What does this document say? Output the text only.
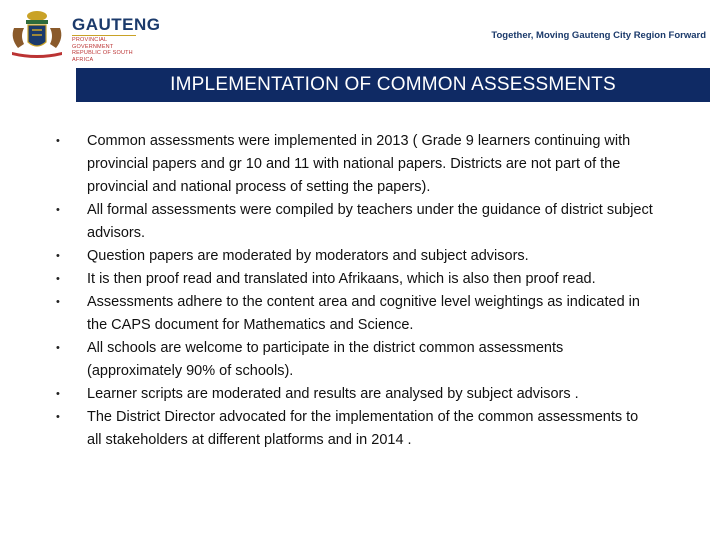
GAUTENG
PROVINCIAL GOVERNMENT
REPUBLIC OF SOUTH AFRICA
Together, Moving Gauteng City Region Forward
IMPLEMENTATION OF COMMON ASSESSMENTS
• Common assessments were implemented in 2013 ( Grade 9 learners continuing with provincial papers and gr 10 and 11 with national papers. Districts are not part of the provincial and national process of setting the papers).
• All formal assessments were compiled by teachers under the guidance of district subject advisors.
• Question papers are moderated by moderators and subject advisors.
• It is then proof read and translated into Afrikaans, which is also then proof read.
• Assessments adhere to the content area and cognitive level weightings as indicated in the CAPS document for Mathematics and Science.
• All schools are welcome to participate in the district common assessments (approximately 90% of schools).
• Learner scripts are moderated and results are analysed by subject advisors .
• The District Director advocated for the implementation of the common assessments to all stakeholders at different platforms and in 2014 .
